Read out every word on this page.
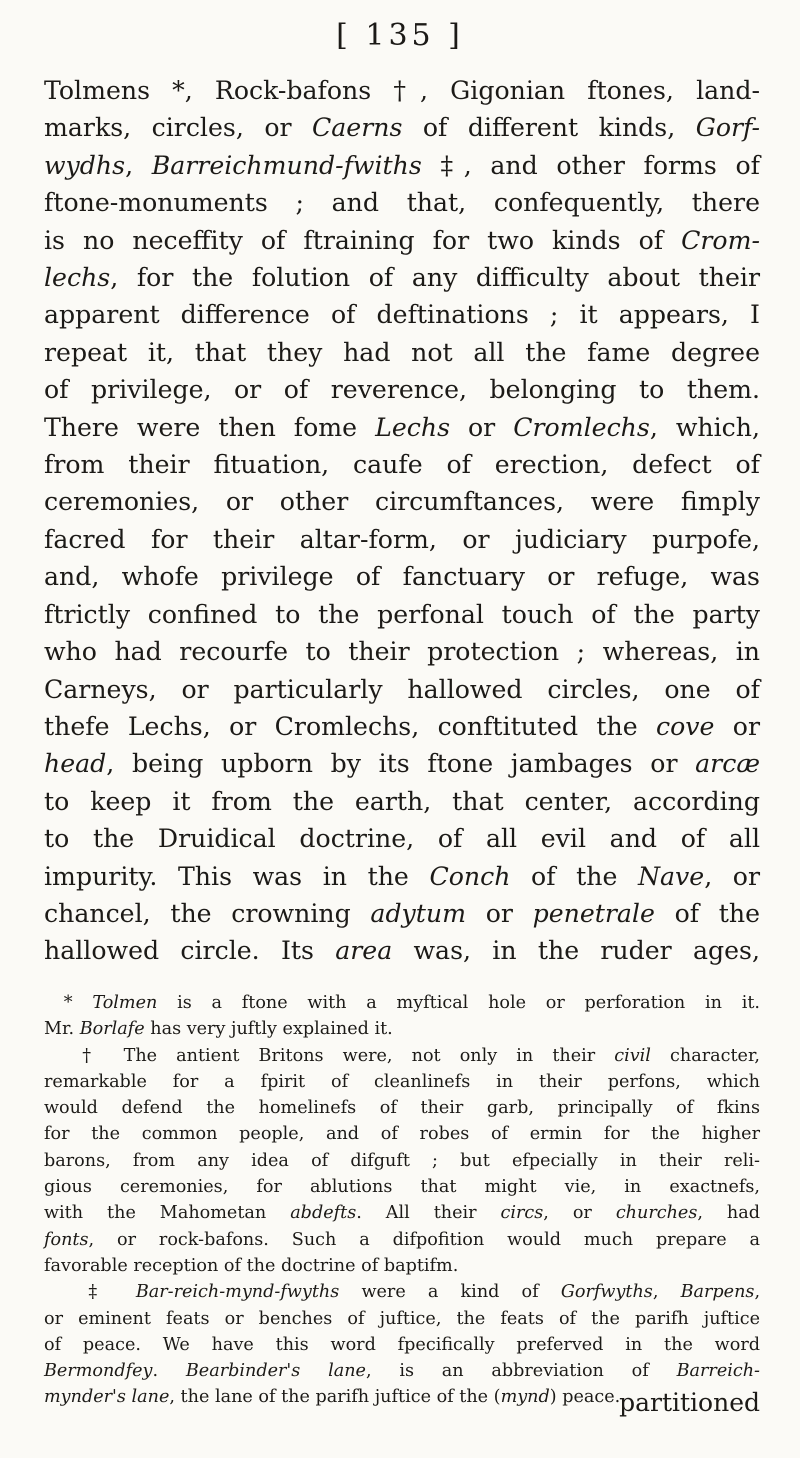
[ 135 ]
Tolmens *, Rock-bafons †, Gigonian ftones, land-
marks, circles, or Caerns of different kinds, Gorf-
wydhs, Barreichmund-fwiths ‡, and other forms of
ftone-monuments ; and that, confequently, there
is no neceffity of ftraining for two kinds of Crom-
lechs, for the folution of any difficulty about their
apparent difference of deftinations ; it appears, I
repeat it, that they had not all the fame degree
of privilege, or of reverence, belonging to them.
There were then fome Lechs or Cromlechs, which,
from their fituation, caufe of erection, defect of
ceremonies, or other circumftances, were fimply
facred for their altar-form, or judiciary purpofe,
and, whofe privilege of fanctuary or refuge, was
ftrictly confined to the perfonal touch of the party
who had recourfe to their protection ; whereas, in
Carneys, or particularly hallowed circles, one of
thefe Lechs, or Cromlechs, conftituted the cove or
head, being upborn by its ftone jambages or arcæ
to keep it from the earth, that center, according
to the Druidical doctrine, of all evil and of all
impurity. This was in the Conch of the Nave, or
chancel, the crowning adytum or penetrale of the
hallowed circle. Its area was, in the ruder ages,
* Tolmen is a ftone with a myftical hole or perforation in it.
Mr. Borlafe has very juftly explained it.
† The antient Britons were, not only in their civil character,
remarkable for a fpirit of cleanlinefs in their perfons, which
would defend the homelinefs of their garb, principally of fkins
for the common people, and of robes of ermin for the higher
barons, from any idea of difguft ; but efpecially in their reli-
gious ceremonies, for ablutions that might vie, in exactnefs,
with the Mahometan abdefts. All their circs, or churches, had
fonts, or rock-bafons. Such a difpofition would much prepare a
favorable reception of the doctrine of baptifm.
‡ Bar-reich-mynd-fwyths were a kind of Gorfwyths, Barpens,
or eminent feats or benches of juftice, the feats of the parifh juftice
of peace. We have this word fpecifically preferved in the word
Bermondfey. Bearbinder's lane, is an abbreviation of Barreich-
mynder's lane, the lane of the parifh juftice of the (mynd) peace.
partitioned
